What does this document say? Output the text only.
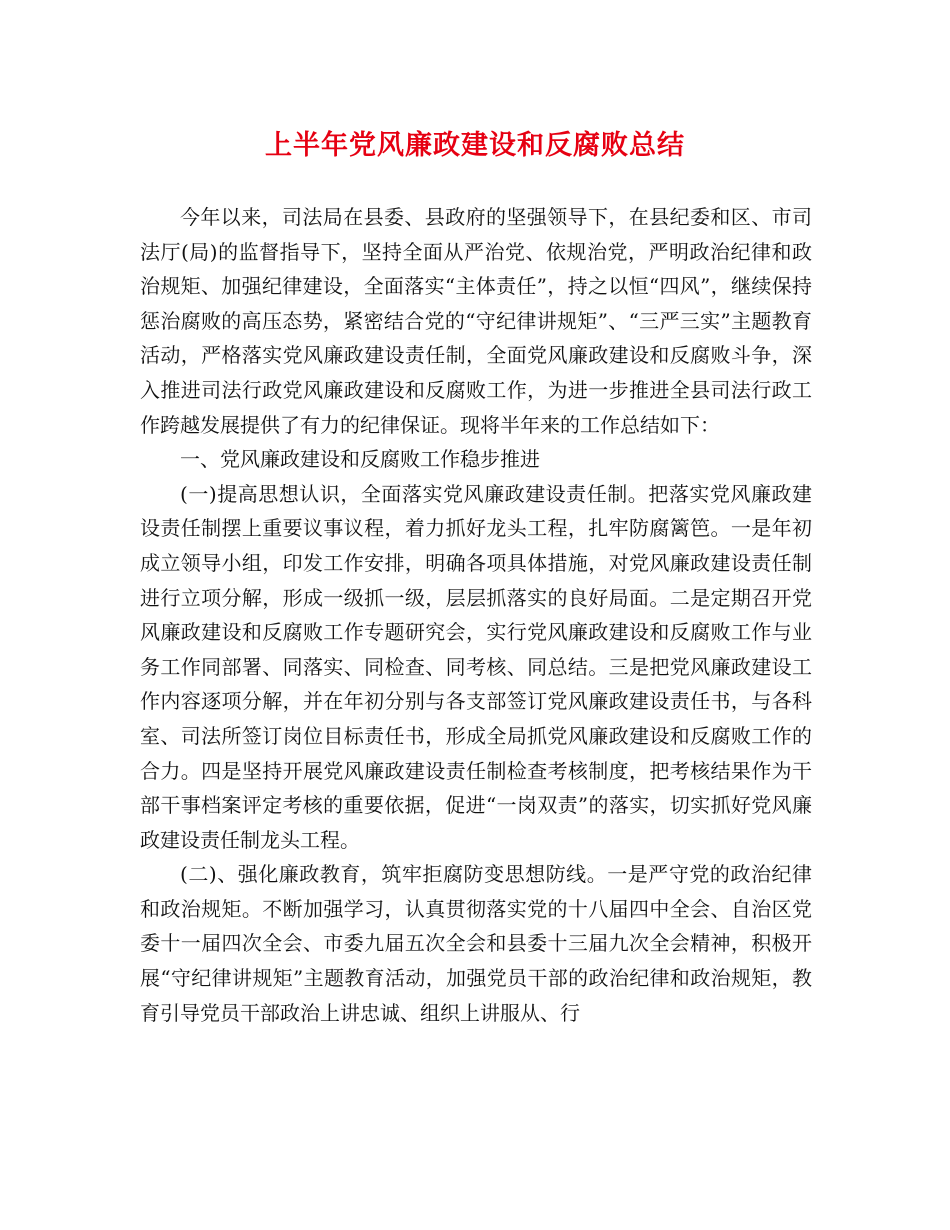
上半年党风廉政建设和反腐败总结

今年以来，司法局在县委、县政府的坚强领导下，在县纪委和区、市司法厅(局)的监督指导下，坚持全面从严治党、依规治党，严明政治纪律和政治规矩、加强纪律建设，全面落实“主体责任”，持之以恒“四风”，继续保持惩治腐败的高压态势，紧密结合党的“守纪律讲规矩”、“三严三实”主题教育活动，严格落实党风廉政建设责任制，全面党风廉政建设和反腐败斗争，深入推进司法行政党风廉政建设和反腐败工作，为进一步推进全县司法行政工作跨越发展提供了有力的纪律保证。现将半年来的工作总结如下：

一、党风廉政建设和反腐败工作稳步推进

(一)提高思想认识，全面落实党风廉政建设责任制。把落实党风廉政建设责任制摆上重要议事议程，着力抓好龙头工程，扎牢防腐篱笆。一是年初成立领导小组，印发工作安排，明确各项具体措施，对党风廉政建设责任制进行立项分解，形成一级抓一级，层层抓落实的良好局面。二是定期召开党风廉政建设和反腐败工作专题研究会，实行党风廉政建设和反腐败工作与业务工作同部署、同落实、同检查、同考核、同总结。三是把党风廉政建设工作内容逐项分解，并在年初分别与各支部签订党风廉政建设责任书，与各科室、司法所签订岗位目标责任书，形成全局抓党风廉政建设和反腐败工作的合力。四是坚持开展党风廉政建设责任制检查考核制度，把考核结果作为干部干事档案评定考核的重要依据，促进“一岗双责”的落实，切实抓好党风廉政建设责任制龙头工程。

(二)、强化廉政教育，筑牢拒腐防变思想防线。一是严守党的政治纪律和政治规矩。不断加强学习，认真贯彻落实党的十八届四中全会、自治区党委十一届四次全会、市委九届五次全会和县委十三届九次全会精神，积极开展“守纪律讲规矩”主题教育活动，加强党员干部的政治纪律和政治规矩，教育引导党员干部政治上讲忠诚、组织上讲服从、行
